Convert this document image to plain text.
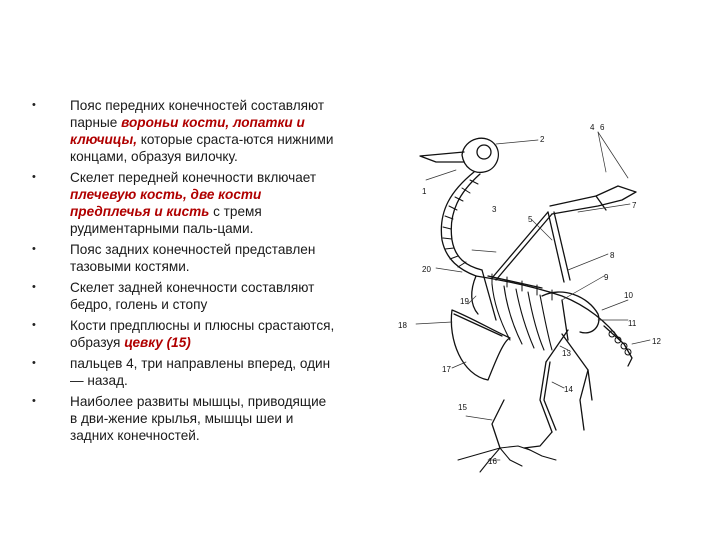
•	Пояс передних конечностей составляют
парные вороньи кости, лопатки и
ключицы, которые сраста-ются нижними
концами, образуя вилочку.
•	Скелет передней конечности включает
плечевую кость, две кости
предплечья и кисть с тремя
рудиментарными паль-цами.
•	Пояс задних конечностей представлен
тазовыми костями.
•	Скелет задней конечности составляют
бедро, голень и стопу
•	Кости предплюсны и плюсны срастаются,
образуя цевку (15)
•	пальцев 4, три направлены вперед, один
— назад.
•	Наиболее развиты мышцы, приводящие
в дви-жение крылья, мышцы шеи и
задних конечностей.
1
2
3
4
5
6
7
8
9
10
11
12
13
14
15
16
17
18
19
20
